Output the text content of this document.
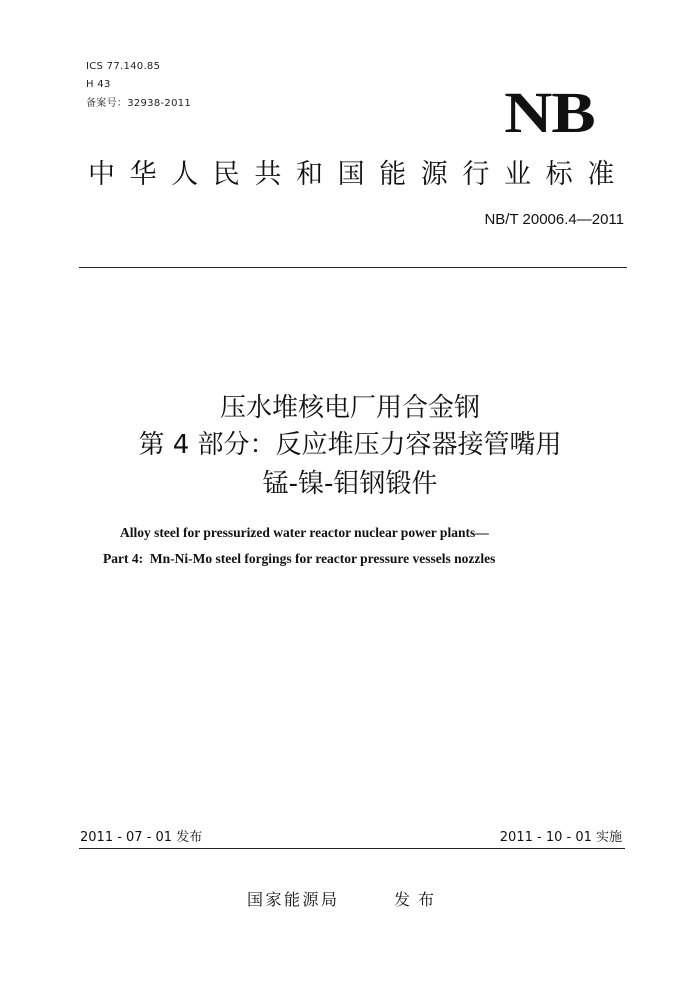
ICS 77.140.85
H 43
备案号：32938-2011	NB
中华人民共和国能源行业标准
NB/T 20006.4—2011
压水堆核电厂用合金钢
第 4 部分：反应堆压力容器接管嘴用
锰-镍-钼钢锻件
Alloy steel for pressurized water reactor nuclear power plants—
Part 4:  Mn-Ni-Mo steel forgings for reactor pressure vessels nozzles
2011 - 07 - 01 发布	2011 - 10 - 01 实施
国家能源局	发布
